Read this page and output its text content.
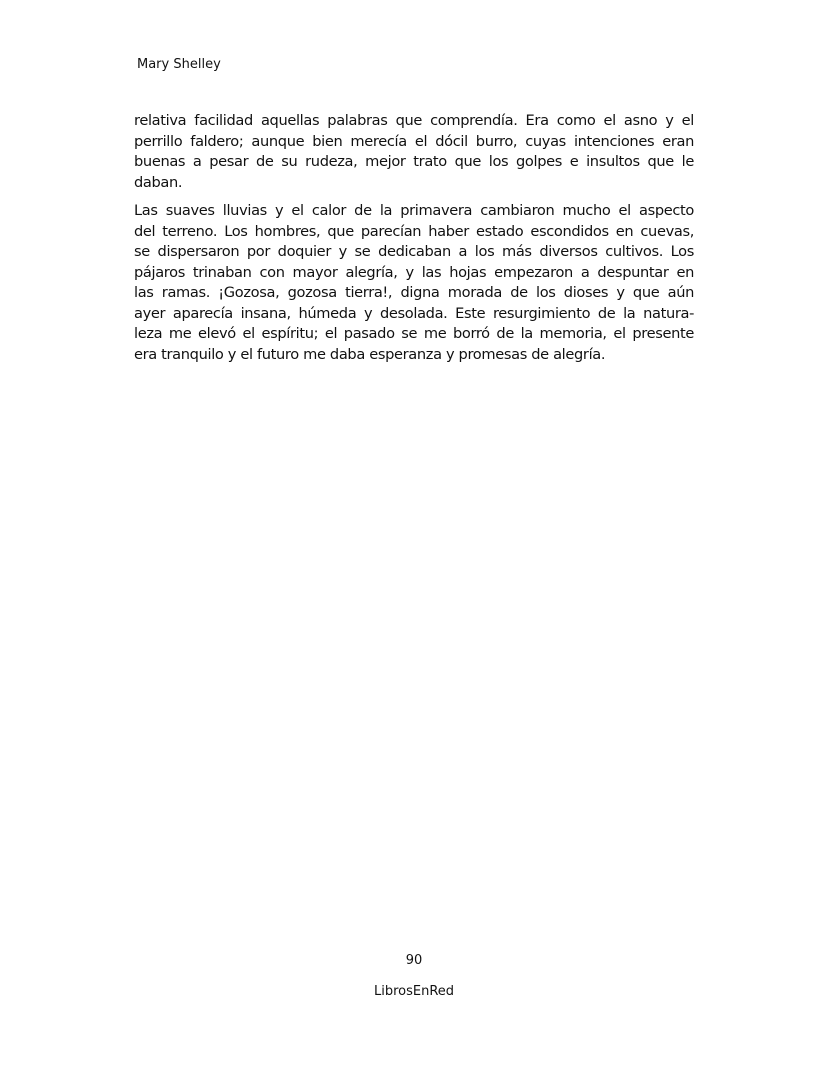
Mary Shelley

relativa facilidad aquellas palabras que comprendía. Era como el asno y el
perrillo faldero; aunque bien merecía el dócil burro, cuyas intenciones eran
buenas a pesar de su rudeza, mejor trato que los golpes e insultos que le
daban.

Las suaves lluvias y el calor de la primavera cambiaron mucho el aspecto
del terreno. Los hombres, que parecían haber estado escondidos en cuevas,
se dispersaron por doquier y se dedicaban a los más diversos cultivos. Los
pájaros trinaban con mayor alegría, y las hojas empezaron a despuntar en
las ramas. ¡Gozosa, gozosa tierra!, digna morada de los dioses y que aún
ayer aparecía insana, húmeda y desolada. Este resurgimiento de la natura-
leza me elevó el espíritu; el pasado se me borró de la memoria, el presente
era tranquilo y el futuro me daba esperanza y promesas de alegría.

90
LibrosEnRed
